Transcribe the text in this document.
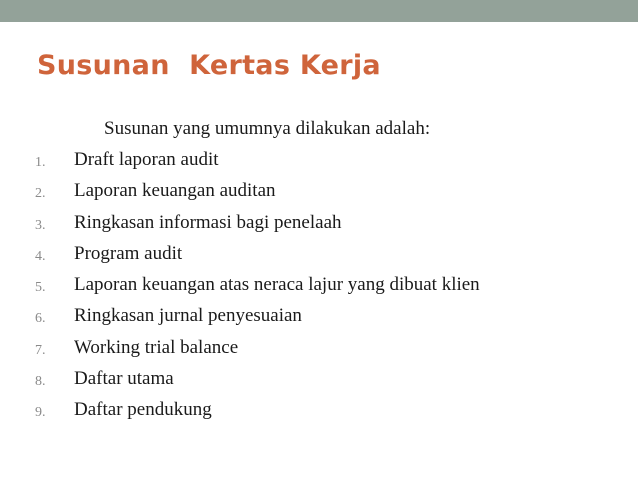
Susunan  Kertas Kerja

Susunan yang umumnya dilakukan adalah:

1. Draft laporan audit
2. Laporan keuangan auditan
3. Ringkasan informasi bagi penelaah
4. Program audit
5. Laporan keuangan atas neraca lajur yang dibuat klien
6. Ringkasan jurnal penyesuaian
7. Working trial balance
8. Daftar utama
9. Daftar pendukung
